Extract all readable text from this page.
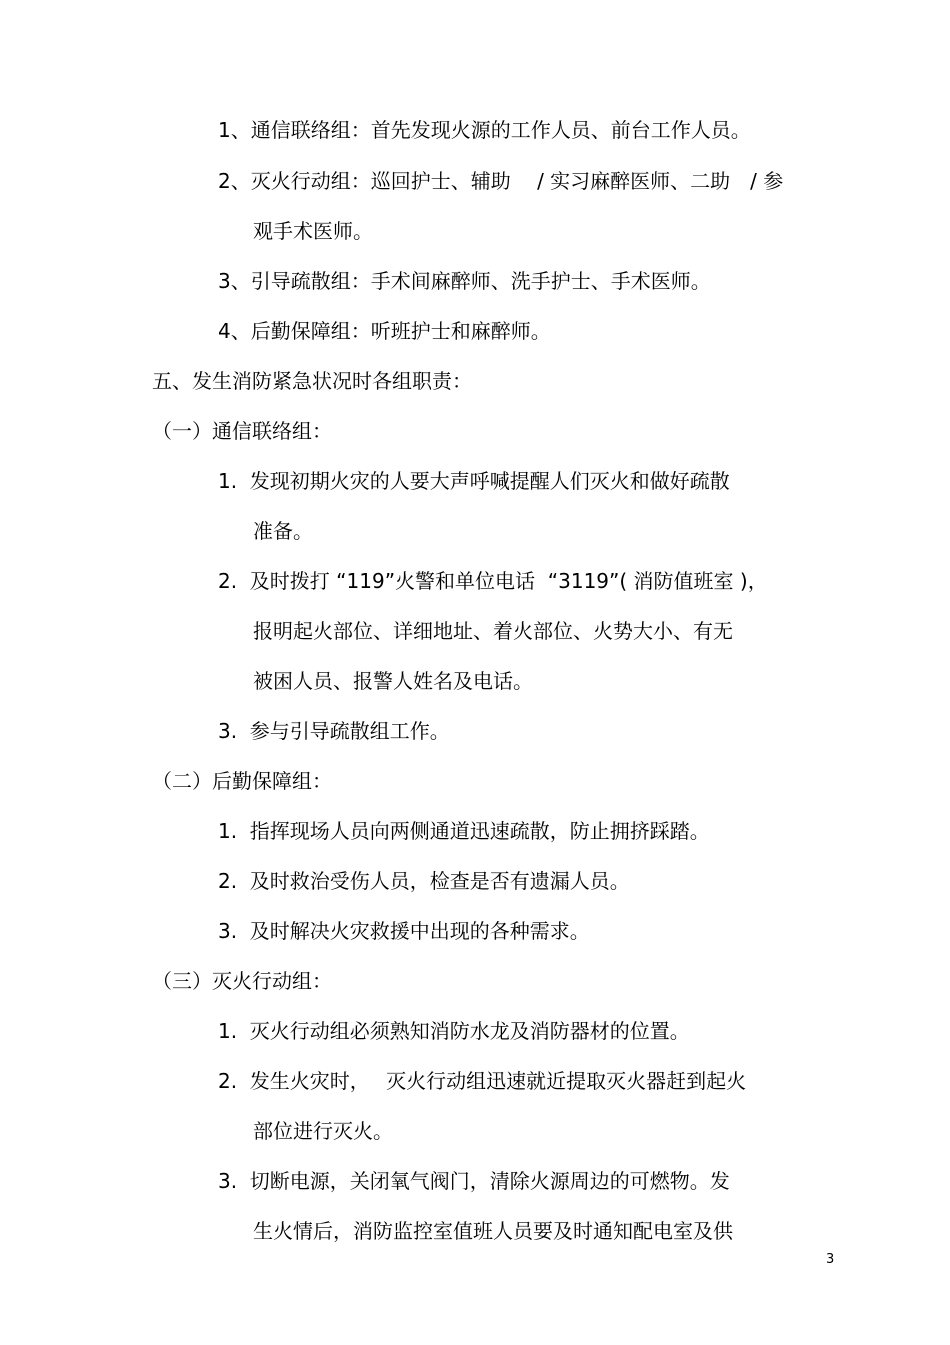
1、通信联络组：首先发现火源的工作人员、前台工作人员。
2、灭火行动组：巡回护士、辅助　 / 实习麻醉医师、二助　/ 参
观手术医师。
3、引导疏散组：手术间麻醉师、洗手护士、手术医师。
4、后勤保障组：听班护士和麻醉师。
五、发生消防紧急状况时各组职责：
（一）通信联络组：
1.  发现初期火灾的人要大声呼喊提醒人们灭火和做好疏散
准备。
2.  及时拨打 “119”火警和单位电话  “3119”( 消防值班室 )，
报明起火部位、详细地址、着火部位、火势大小、有无
被困人员、报警人姓名及电话。
3.  参与引导疏散组工作。
（二）后勤保障组：
1.  指挥现场人员向两侧通道迅速疏散，防止拥挤踩踏。
2.  及时救治受伤人员，检查是否有遗漏人员。
3.  及时解决火灾救援中出现的各种需求。
（三）灭火行动组：
1.  灭火行动组必须熟知消防水龙及消防器材的位置。
2.  发生火灾时，　 灭火行动组迅速就近提取灭火器赶到起火
部位进行灭火。
3.  切断电源，关闭氧气阀门，清除火源周边的可燃物。发
生火情后，消防监控室值班人员要及时通知配电室及供
3
